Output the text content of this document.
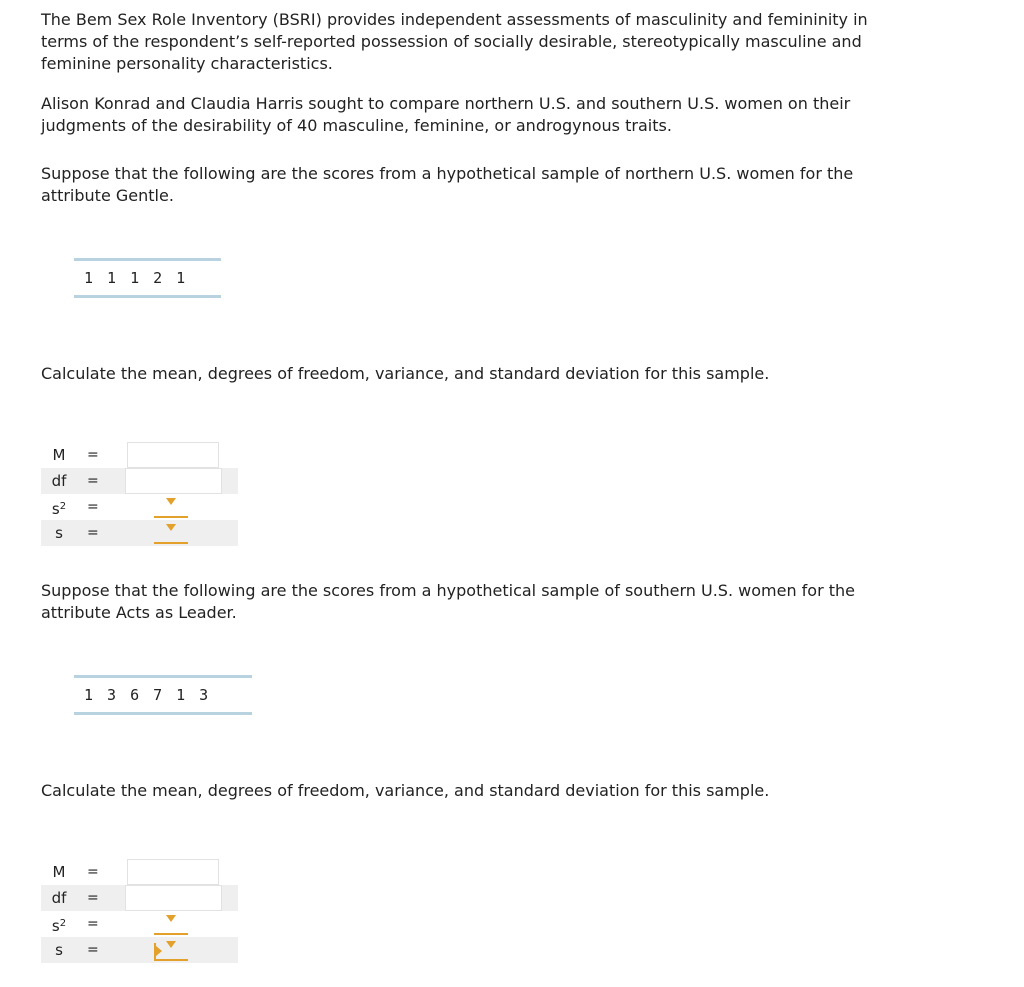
The Bem Sex Role Inventory (BSRI) provides independent assessments of masculinity and femininity in terms of the respondent’s self-reported possession of socially desirable, stereotypically masculine and feminine personality characteristics.

Alison Konrad and Claudia Harris sought to compare northern U.S. and southern U.S. women on their judgments of the desirability of 40 masculine, feminine, or androgynous traits.

Suppose that the following are the scores from a hypothetical sample of northern U.S. women for the attribute Gentle.

1 1 1 2 1

Calculate the mean, degrees of freedom, variance, and standard deviation for this sample.

M	=
df	=
$s^2$	=
s	=

Suppose that the following are the scores from a hypothetical sample of southern U.S. women for the attribute Acts as Leader.

1 3 6 7 1 3

Calculate the mean, degrees of freedom, variance, and standard deviation for this sample.

M	=
df	=
$s^2$	=
s	=
